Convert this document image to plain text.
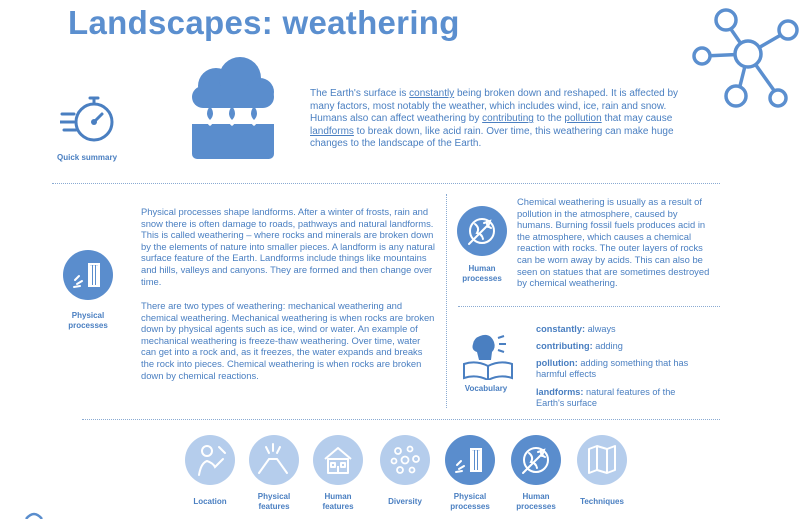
Landscapes: weathering
Quick summary
The Earth's surface is constantly being broken down and reshaped. It is affected by many factors, most notably the weather, which includes wind, ice, rain and snow. Humans also can affect weathering by contributing to the pollution that may cause landforms to break down, like acid rain. Over time, this weathering can make huge changes to the landscape of the Earth.
Physical
processes

Physical processes shape landforms. After a winter of frosts, rain and snow there is often damage to roads, pathways and natural landforms. This is called weathering – where rocks and minerals are broken down by the elements of nature into smaller pieces. A landform is any natural surface feature of the Earth. Landforms include things like mountains and hills, valleys and canyons. They are formed and then change over time.

There are two types of weathering: mechanical weathering and chemical weathering. Mechanical weathering is when rocks are broken down by physical agents such as ice, wind or water. An example of mechanical weathering is freeze-thaw weathering. Over time, water can get into a rock and, as it freezes, the water expands and breaks the rock into pieces. Chemical weathering is when rocks are broken down by chemical reactions.

Human
processes

Chemical weathering is usually as a result of pollution in the atmosphere, caused by humans. Burning fossil fuels produces acid in the atmosphere, which causes a chemical reaction with rocks. The outer layers of rocks can be worn away by acids. This can also be seen on statues that are sometimes destroyed by chemical weathering.

Vocabulary
constantly: always
contributing: adding
pollution: adding something that has harmful effects
landforms: natural features of the Earth's surface
Location

Physical
features
Human
features
Diversity

Physical
processes
Human
processes
Techniques
